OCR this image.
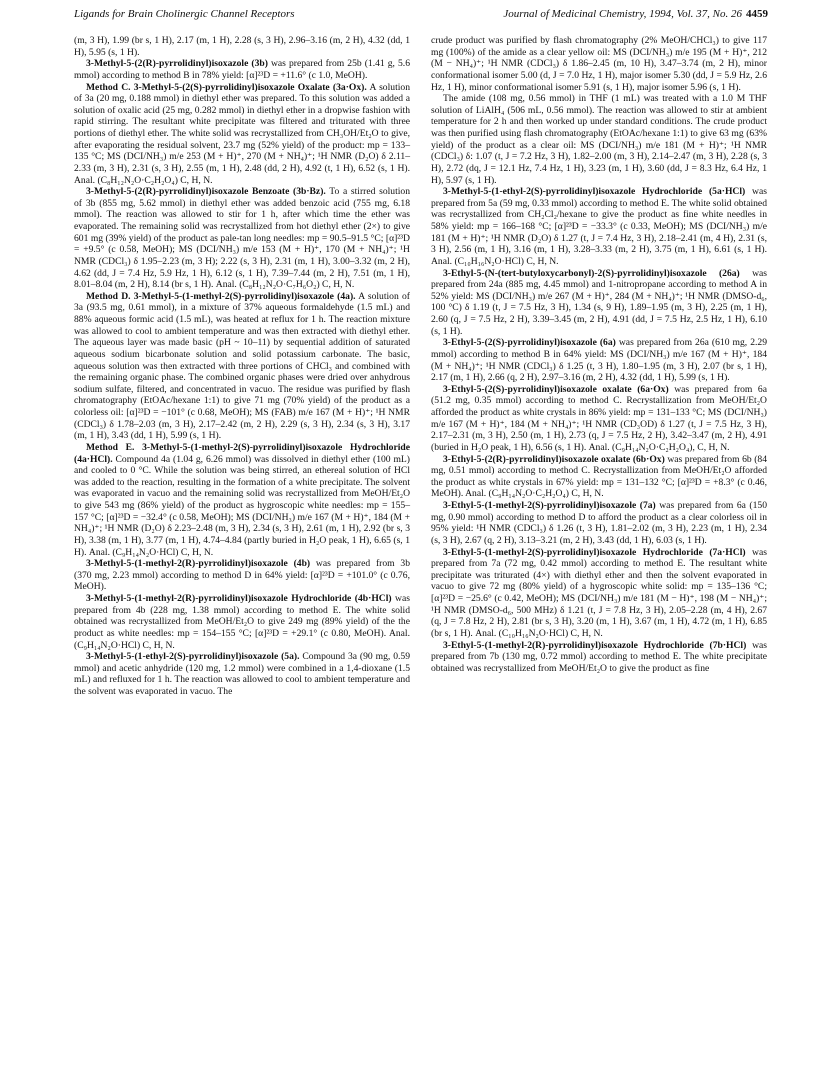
Ligands for Brain Cholinergic Channel Receptors	Journal of Medicinal Chemistry, 1994, Vol. 37, No. 26 4459

(m, 3 H), 1.99 (br s, 1 H), 2.17 (m, 1 H), 2.28 (s, 3 H), 2.96–3.16 (m, 2 H), 4.32 (dd, 1 H), 5.95 (s, 1 H).

3-Methyl-5-(2(R)-pyrrolidinyl)isoxazole (3b) was prepared from 25b (1.41 g, 5.6 mmol) according to method B in 78% yield: [α]²³D = +11.6° (c 1.0, MeOH).

Method C. 3-Methyl-5-(2(S)-pyrrolidinyl)isoxazole Oxalate (3a·Ox). A solution of 3a (20 mg, 0.188 mmol) in diethyl ether was prepared. To this solution was added a solution of oxalic acid (25 mg, 0.282 mmol) in diethyl ether in a dropwise fashion with rapid stirring. The resultant white precipitate was filtered and triturated with three portions of diethyl ether. The white solid was recrystallized from CH₃OH/Et₂O to give, after evaporating the residual solvent, 23.7 mg (52% yield) of the product: mp = 133–135 °C; MS (DCI/NH₃) m/e 253 (M + H)⁺, 270 (M + NH₄)⁺; ¹H NMR (D₂O) δ 2.11–2.33 (m, 3 H), 2.31 (s, 3 H), 2.55 (m, 1 H), 2.48 (dd, 2 H), 4.92 (t, 1 H), 6.52 (s, 1 H). Anal. (C₈H₁₂N₂O·C₂H₂O₄) C, H, N.

3-Methyl-5-(2(R)-pyrrolidinyl)isoxazole Benzoate (3b·Bz). To a stirred solution of 3b (855 mg, 5.62 mmol) in diethyl ether was added benzoic acid (755 mg, 6.18 mmol). The reaction was allowed to stir for 1 h, after which time the ether was evaporated. The remaining solid was recrystallized from hot diethyl ether (2×) to give 601 mg (39% yield) of the product as pale-tan long needles: mp = 90.5–91.5 °C; [α]²³D = +9.5° (c 0.58, MeOH); MS (DCI/NH₃) m/e 153 (M + H)⁺, 170 (M + NH₄)⁺; ¹H NMR (CDCl₃) δ 1.95–2.23 (m, 3 H); 2.22 (s, 3 H), 2.31 (m, 1 H), 3.00–3.32 (m, 2 H), 4.62 (dd, J = 7.4 Hz, 5.9 Hz, 1 H), 6.12 (s, 1 H), 7.39–7.44 (m, 2 H), 7.51 (m, 1 H), 8.01–8.04 (m, 2 H), 8.14 (br s, 1 H). Anal. (C₈H₁₂N₂O·C₇H₆O₂) C, H, N.

Method D. 3-Methyl-5-(1-methyl-2(S)-pyrrolidinyl)isoxazole (4a). A solution of 3a (93.5 mg, 0.61 mmol), in a mixture of 37% aqueous formaldehyde (1.5 mL) and 88% aqueous formic acid (1.5 mL), was heated at reflux for 1 h. The reaction mixture was allowed to cool to ambient temperature and was then extracted with diethyl ether. The aqueous layer was made basic (pH ~ 10–11) by sequential addition of saturated aqueous sodium bicarbonate solution and solid potassium carbonate. The basic, aqueous solution was then extracted with three portions of CHCl₃ and combined with the remaining organic phase. The combined organic phases were dried over anhydrous sodium sulfate, filtered, and concentrated in vacuo. The residue was purified by flash chromatography (EtOAc/hexane 1:1) to give 71 mg (70% yield) of the product as a colorless oil: [α]²³D = −101° (c 0.68, MeOH); MS (FAB) m/e 167 (M + H)⁺; ¹H NMR (CDCl₃) δ 1.78–2.03 (m, 3 H), 2.17–2.42 (m, 2 H), 2.29 (s, 3 H), 2.34 (s, 3 H), 3.17 (m, 1 H), 3.43 (dd, 1 H), 5.99 (s, 1 H).

Method E. 3-Methyl-5-(1-methyl-2(S)-pyrrolidinyl)isoxazole Hydrochloride (4a·HCl). Compound 4a (1.04 g, 6.26 mmol) was dissolved in diethyl ether (100 mL) and cooled to 0 °C. While the solution was being stirred, an ethereal solution of HCl was added to the reaction, resulting in the formation of a white precipitate. The solvent was evaporated in vacuo and the remaining solid was recrystallized from MeOH/Et₂O to give 543 mg (86% yield) of the product as hygroscopic white needles: mp = 155–157 °C; [α]²³D = −32.4° (c 0.58, MeOH); MS (DCI/NH₃) m/e 167 (M + H)⁺, 184 (M + NH₄)⁺; ¹H NMR (D₂O) δ 2.23–2.48 (m, 3 H), 2.34 (s, 3 H), 2.61 (m, 1 H), 2.92 (br s, 3 H), 3.38 (m, 1 H), 3.77 (m, 1 H), 4.74–4.84 (partly buried in H₂O peak, 1 H), 6.65 (s, 1 H). Anal. (C₉H₁₄N₂O·HCl) C, H, N.

3-Methyl-5-(1-methyl-2(R)-pyrrolidinyl)isoxazole (4b) was prepared from 3b (370 mg, 2.23 mmol) according to method D in 64% yield: [α]²³D = +101.0° (c 0.76, MeOH).

3-Methyl-5-(1-methyl-2(R)-pyrrolidinyl)isoxazole Hydrochloride (4b·HCl) was prepared from 4b (228 mg, 1.38 mmol) according to method E. The white solid obtained was recrystallized from MeOH/Et₂O to give 249 mg (89% yield) of the the product as white needles: mp = 154–155 °C; [α]²³D = +29.1° (c 0.80, MeOH). Anal. (C₉H₁₄N₂O·HCl) C, H, N.

3-Methyl-5-(1-ethyl-2(S)-pyrrolidinyl)isoxazole (5a). Compound 3a (90 mg, 0.59 mmol) and acetic anhydride (120 mg, 1.2 mmol) were combined in a 1,4-dioxane (1.5 mL) and refluxed for 1 h. The reaction was allowed to cool to ambient temperature and the solvent was evaporated in vacuo. The

crude product was purified by flash chromatography (2% MeOH/CHCl₃) to give 117 mg (100%) of the amide as a clear yellow oil: MS (DCI/NH₃) m/e 195 (M + H)⁺, 212 (M − NH₄)⁺; ¹H NMR (CDCl₃) δ 1.86–2.45 (m, 10 H), 3.47–3.74 (m, 2 H), minor conformational isomer 5.00 (d, J = 7.0 Hz, 1 H), major isomer 5.30 (dd, J = 5.9 Hz, 2.6 Hz, 1 H), minor conformational isomer 5.91 (s, 1 H), major isomer 5.96 (s, 1 H).

The amide (108 mg, 0.56 mmol) in THF (1 mL) was treated with a 1.0 M THF solution of LiAlH₄ (506 mL, 0.56 mmol). The reaction was allowed to stir at ambient temperature for 2 h and then worked up under standard conditions. The crude product was then purified using flash chromatography (EtOAc/hexane 1:1) to give 63 mg (63% yield) of the product as a clear oil: MS (DCI/NH₃) m/e 181 (M + H)⁺; ¹H NMR (CDCl₃) δ: 1.07 (t, J = 7.2 Hz, 3 H), 1.82–2.00 (m, 3 H), 2.14–2.47 (m, 3 H), 2.28 (s, 3 H), 2.72 (dq, J = 12.1 Hz, 7.4 Hz, 1 H), 3.23 (m, 1 H), 3.60 (dd, J = 8.3 Hz, 6.4 Hz, 1 H), 5.97 (s, 1 H).

3-Methyl-5-(1-ethyl-2(S)-pyrrolidinyl)isoxazole Hydrochloride (5a·HCl) was prepared from 5a (59 mg, 0.33 mmol) according to method E. The white solid obtained was recrystallized from CH₂Cl₂/hexane to give the product as fine white needles in 58% yield: mp = 166–168 °C; [α]²³D = −33.3° (c 0.33, MeOH); MS (DCI/NH₃) m/e 181 (M + H)⁺; ¹H NMR (D₂O) δ 1.27 (t, J = 7.4 Hz, 3 H), 2.18–2.41 (m, 4 H), 2.31 (s, 3 H), 2.56 (m, 1 H), 3.16 (m, 1 H), 3.28–3.33 (m, 2 H), 3.75 (m, 1 H), 6.61 (s, 1 H). Anal. (C₁₀H₁₆N₂O·HCl) C, H, N.

3-Ethyl-5-(N-(tert-butyloxycarbonyl)-2(S)-pyrrolidinyl)isoxazole (26a) was prepared from 24a (885 mg, 4.45 mmol) and 1-nitropropane according to method A in 52% yield: MS (DCI/NH₃) m/e 267 (M + H)⁺, 284 (M + NH₄)⁺; ¹H NMR (DMSO-d₆, 100 °C) δ 1.19 (t, J = 7.5 Hz, 3 H), 1.34 (s, 9 H), 1.89–1.95 (m, 3 H), 2.25 (m, 1 H), 2.60 (q, J = 7.5 Hz, 2 H), 3.39–3.45 (m, 2 H), 4.91 (dd, J = 7.5 Hz, 2.5 Hz, 1 H), 6.10 (s, 1 H).

3-Ethyl-5-(2(S)-pyrrolidinyl)isoxazole (6a) was prepared from 26a (610 mg, 2.29 mmol) according to method B in 64% yield: MS (DCI/NH₃) m/e 167 (M + H)⁺, 184 (M + NH₄)⁺; ¹H NMR (CDCl₃) δ 1.25 (t, 3 H), 1.80–1.95 (m, 3 H), 2.07 (br s, 1 H), 2.17 (m, 1 H), 2.66 (q, 2 H), 2.97–3.16 (m, 2 H), 4.32 (dd, 1 H), 5.99 (s, 1 H).

3-Ethyl-5-(2(S)-pyrrolidinyl)isoxazole oxalate (6a·Ox) was prepared from 6a (51.2 mg, 0.35 mmol) according to method C. Recrystallization from MeOH/Et₂O afforded the product as white crystals in 86% yield: mp = 131–133 °C; MS (DCI/NH₃) m/e 167 (M + H)⁺, 184 (M + NH₄)⁺; ¹H NMR (CD₃OD) δ 1.27 (t, J = 7.5 Hz, 3 H), 2.17–2.31 (m, 3 H), 2.50 (m, 1 H), 2.73 (q, J = 7.5 Hz, 2 H), 3.42–3.47 (m, 2 H), 4.91 (buried in H₂O peak, 1 H), 6.56 (s, 1 H). Anal. (C₉H₁₄N₂O·C₂H₂O₄), C, H, N.

3-Ethyl-5-(2(R)-pyrrolidinyl)isoxazole oxalate (6b·Ox) was prepared from 6b (84 mg, 0.51 mmol) according to method C. Recrystallization from MeOH/Et₂O afforded the product as white crystals in 67% yield: mp = 131–132 °C; [α]²³D = +8.3° (c 0.46, MeOH). Anal. (C₉H₁₄N₂O·C₂H₂O₄) C, H, N.

3-Ethyl-5-(1-methyl-2(S)-pyrrolidinyl)isoxazole (7a) was prepared from 6a (150 mg, 0.90 mmol) according to method D to afford the product as a clear colorless oil in 95% yield: ¹H NMR (CDCl₃) δ 1.26 (t, 3 H), 1.81–2.02 (m, 3 H), 2.23 (m, 1 H), 2.34 (s, 3 H), 2.67 (q, 2 H), 3.13–3.21 (m, 2 H), 3.43 (dd, 1 H), 6.03 (s, 1 H).

3-Ethyl-5-(1-methyl-2(S)-pyrrolidinyl)isoxazole Hydrochloride (7a·HCl) was prepared from 7a (72 mg, 0.42 mmol) according to method E. The resultant white precipitate was triturated (4×) with diethyl ether and then the solvent evaporated in vacuo to give 72 mg (80% yield) of a hygroscopic white solid: mp = 135–136 °C; [α]²³D = −25.6° (c 0.42, MeOH); MS (DCI/NH₃) m/e 181 (M − H)⁺, 198 (M − NH₄)⁺; ¹H NMR (DMSO-d₆, 500 MHz) δ 1.21 (t, J = 7.8 Hz, 3 H), 2.05–2.28 (m, 4 H), 2.67 (q, J = 7.8 Hz, 2 H), 2.81 (br s, 3 H), 3.20 (m, 1 H), 3.67 (m, 1 H), 4.72 (m, 1 H), 6.85 (br s, 1 H). Anal. (C₁₀H₁₆N₂O·HCl) C, H, N.

3-Ethyl-5-(1-methyl-2(R)-pyrrolidinyl)isoxazole Hydrochloride (7b·HCl) was prepared from 7b (130 mg, 0.72 mmol) according to method E. The white precipitate obtained was recrystallized from MeOH/Et₂O to give the product as fine
